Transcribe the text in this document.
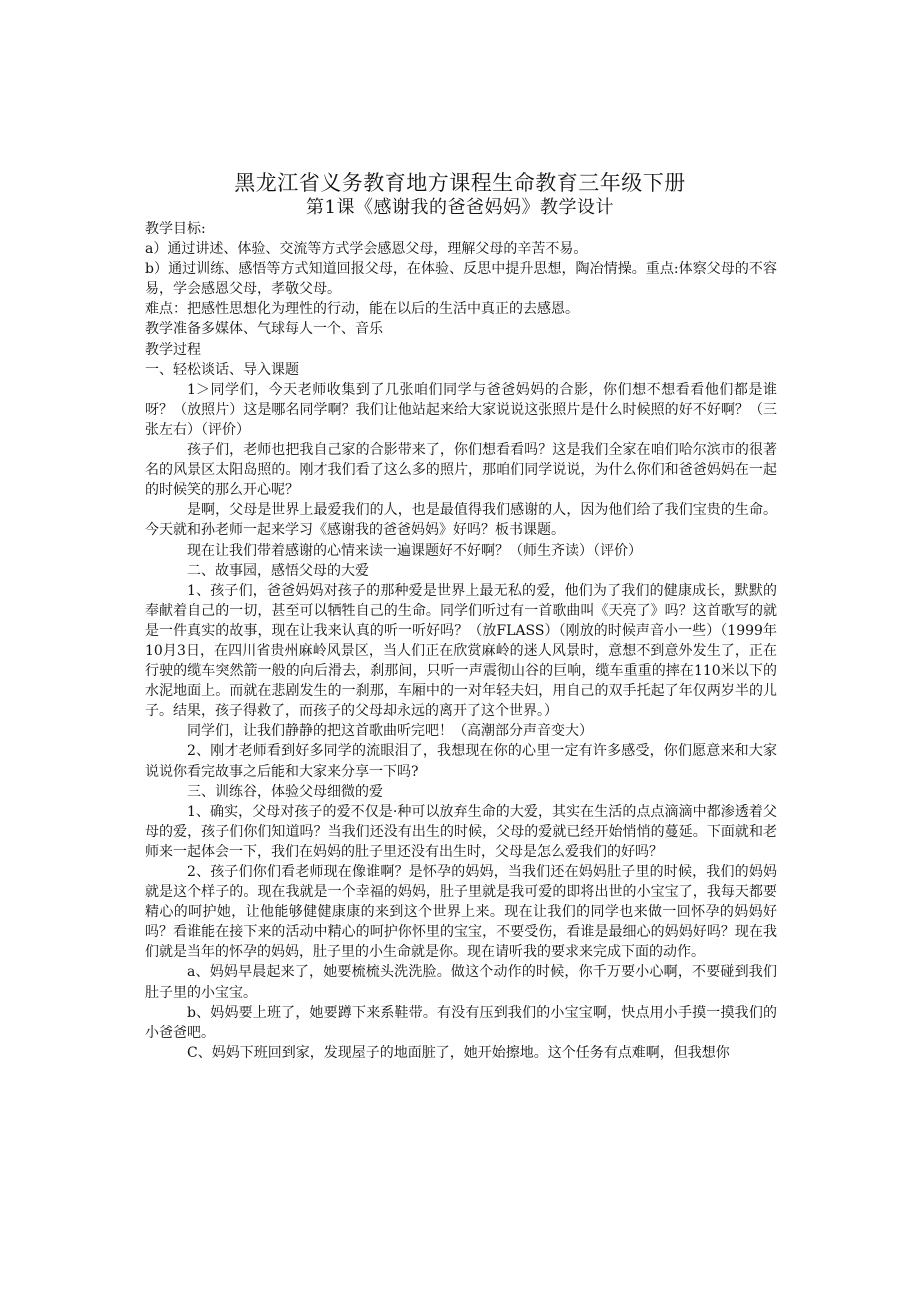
黑龙江省义务教育地方课程生命教育三年级下册
第1课《感谢我的爸爸妈妈》教学设计

教学目标:

a）通过讲述、体验、交流等方式学会感恩父母，理解父母的辛苦不易。

b）通过训练、感悟等方式知道回报父母，在体验、反思中提升思想，陶冶情操。重点:体察父母的不容易，学会感恩父母，孝敬父母。

难点：把感性思想化为理性的行动，能在以后的生活中真正的去感恩。

教学准备多媒体、气球每人一个、音乐

教学过程

一、轻松谈话、导入课题

1＞同学们，今天老师收集到了几张咱们同学与爸爸妈妈的合影，你们想不想看看他们都是谁呀？（放照片）这是哪名同学啊？我们让他站起来给大家说说这张照片是什么时候照的好不好啊？（三张左右）（评价）

孩子们，老师也把我自己家的合影带来了，你们想看看吗？这是我们全家在咱们哈尔滨市的很著名的风景区太阳岛照的。刚才我们看了这么多的照片，那咱们同学说说，为什么你们和爸爸妈妈在一起的时候笑的那么开心呢？

是啊，父母是世界上最爱我们的人，也是最值得我们感谢的人，因为他们给了我们宝贵的生命。今天就和孙老师一起来学习《感谢我的爸爸妈妈》好吗？板书课题。

现在让我们带着感谢的心情来读一遍课题好不好啊？（师生齐读）（评价）

二、故事园，感悟父母的大爱

1、孩子们，爸爸妈妈对孩子的那种爱是世界上最无私的爱，他们为了我们的健康成长，默默的奉献着自己的一切，甚至可以牺牲自己的生命。同学们听过有一首歌曲叫《天亮了》吗？这首歌写的就是一件真实的故事，现在让我来认真的听一听好吗？（放FLASS）（刚放的时候声音小一些）（1999年10月3日，在四川省贵州麻岭风景区，当人们正在欣赏麻岭的迷人风景时，意想不到意外发生了，正在行驶的缆车突然箭一般的向后滑去，刹那间，只听一声震彻山谷的巨响，缆车重重的摔在110米以下的水泥地面上。而就在悲剧发生的一刹那，车厢中的一对年轻夫妇，用自己的双手托起了年仅两岁半的儿子。结果，孩子得救了，而孩子的父母却永远的离开了这个世界。）

同学们，让我们静静的把这首歌曲听完吧！（高潮部分声音变大）

2、刚才老师看到好多同学的流眼泪了，我想现在你的心里一定有许多感受，你们愿意来和大家说说你看完故事之后能和大家来分享一下吗?

三、训练谷，体验父母细微的爱

1、确实，父母对孩子的爱不仅是·种可以放弃生命的大爱，其实在生活的点点滴滴中都渗透着父母的爱，孩子们你们知道吗？当我们还没有出生的时候，父母的爱就已经开始悄悄的蔓延。下面就和老师来一起体会一下，我们在妈妈的肚子里还没有出生时，父母是怎么爱我们的好吗？

2、孩子们你们看老师现在像谁啊？是怀孕的妈妈，当我们还在妈妈肚子里的时候，我们的妈妈就是这个样子的。现在我就是一个幸福的妈妈，肚子里就是我可爱的即将出世的小宝宝了，我每天都要精心的呵护她，让他能够健健康康的来到这个世界上来。现在让我们的同学也来做一回怀孕的妈妈好吗？看谁能在接下来的活动中精心的呵护你怀里的宝宝，不要受伤，看谁是最细心的妈妈好吗？现在我们就是当年的怀孕的妈妈，肚子里的小生命就是你。现在请听我的要求来完成下面的动作。

a、妈妈早晨起来了，她要梳梳头洗洗脸。做这个动作的时候，你千万要小心啊，不要碰到我们肚子里的小宝宝。

b、妈妈要上班了，她要蹲下来系鞋带。有没有压到我们的小宝宝啊，快点用小手摸一摸我们的小爸爸吧。

C、妈妈下班回到家，发现屋子的地面脏了，她开始擦地。这个任务有点难啊，但我想你
